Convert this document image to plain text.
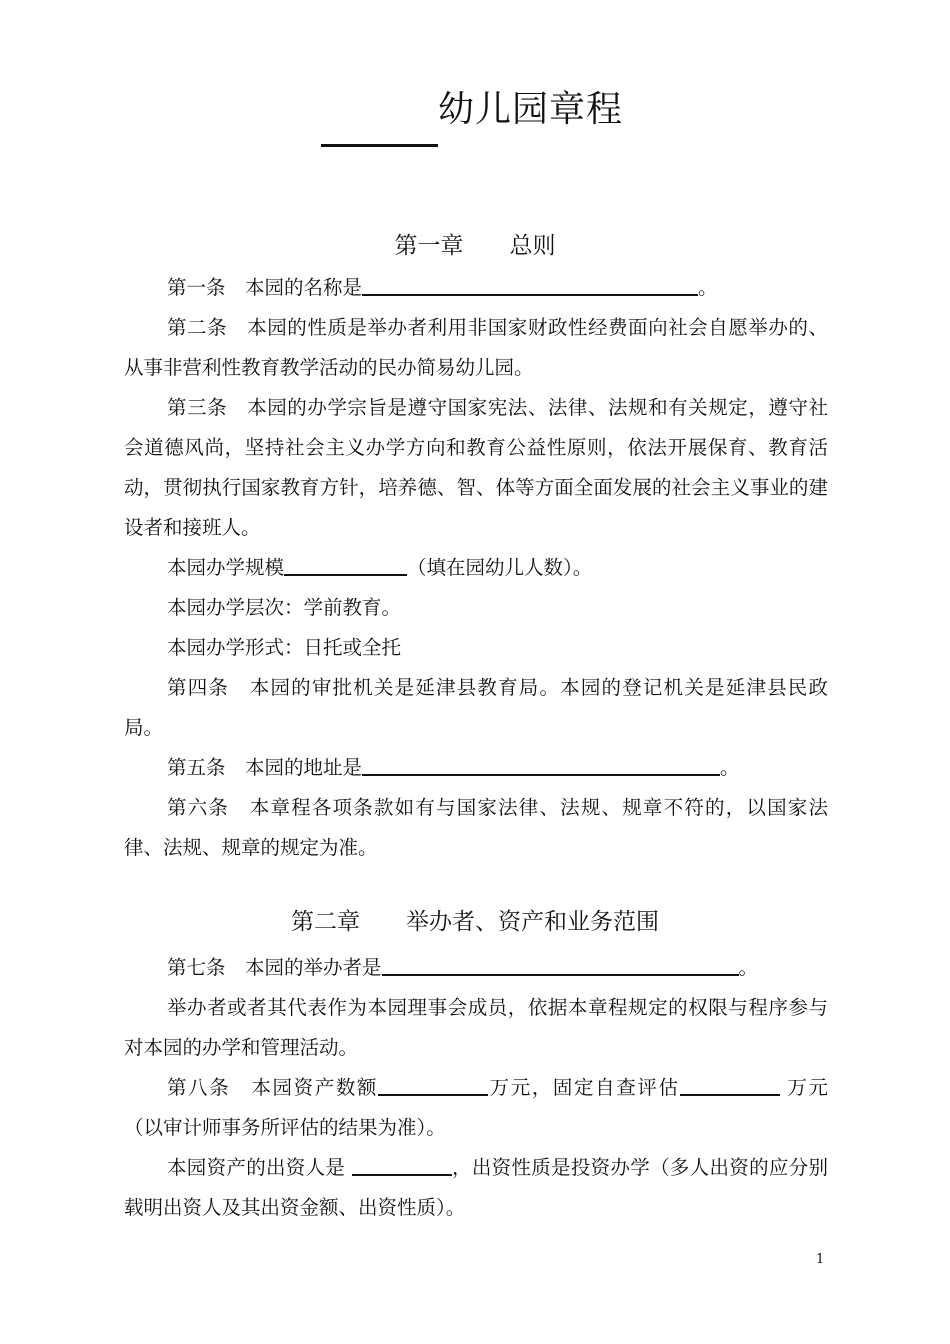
幼儿园章程
第一章　　总则

第一条　 本园的名称是	。

第二条　 本园的性质是举办者利用非国家财政性经费面向社会自愿举办的、从事非营利性教育教学活动的民办简易幼儿园。

第三条　 本园的办学宗旨是遵守国家宪法、法律、法规和有关规定，遵守社会道德风尚，坚持社会主义办学方向和教育公益性原则，依法开展保育、教育活动，贯彻执行国家教育方针，培养德、智、体等方面全面发展的社会主义事业的建设者和接班人。

本园办学规模	（填在园幼儿人数）。

本园办学层次：学前教育。

本园办学形式：日托或全托

第四条　 本园的审批机关是延津县教育局。本园的登记机关是延津县民政局。

第五条　 本园的地址是	。

第六条　 本章程各项条款如有与国家法律、法规、规章不符的，以国家法律、法规、规章的规定为准。

第二章　　举办者、资产和业务范围

第七条　 本园的举办者是	。

举办者或者其代表作为本园理事会成员，依据本章程规定的权限与程序参与对本园的办学和管理活动。

第八条　 本园资产数额	万元，固定自查评估	万元（以审计师事务所评估的结果为准）。

本园资产的出资人是	，出资性质是投资办学（多人出资的应分别载明出资人及其出资金额、出资性质）。

1
